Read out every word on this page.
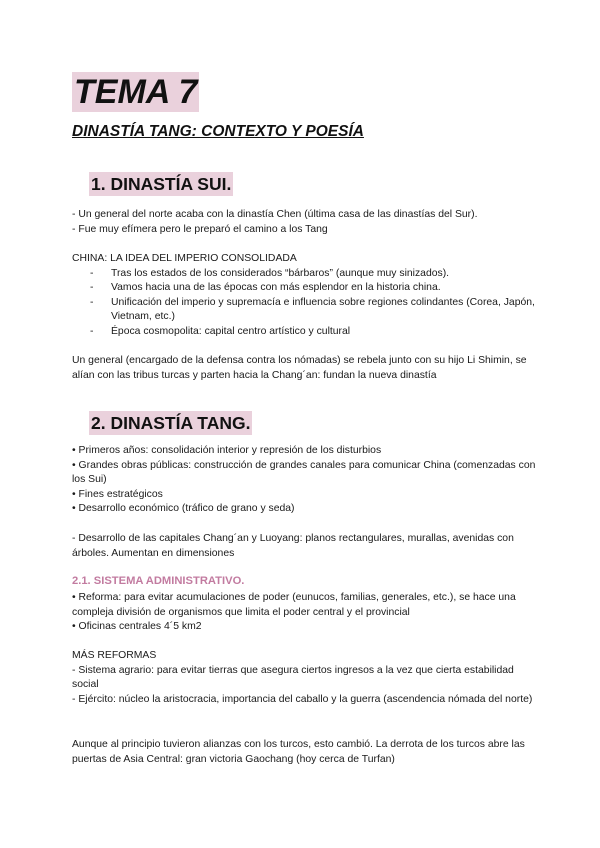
TEMA 7

DINASTÍA TANG: CONTEXTO Y POESÍA

1. DINASTÍA SUI.

- Un general del norte acaba con la dinastía Chen (última casa de las dinastías del Sur).

- Fue muy efímera pero le preparó el camino a los Tang

CHINA: LA IDEA DEL IMPERIO CONSOLIDADA

- Tras los estados de los considerados “bárbaros” (aunque muy sinizados).
- Vamos hacia una de las épocas con más esplendor en la historia china.
- Unificación del imperio y supremacía e influencia sobre regiones colindantes (Corea, Japón, Vietnam, etc.)
- Época cosmopolita: capital centro artístico y cultural

Un general (encargado de la defensa contra los nómadas) se rebela junto con su hijo Li Shimin, se alían con las tribus turcas y parten hacia la Chang´an: fundan la nueva dinastía

2. DINASTÍA TANG.

• Primeros años: consolidación interior y represión de los disturbios

• Grandes obras públicas: construcción de grandes canales para comunicar China (comenzadas con los Sui)

• Fines estratégicos

• Desarrollo económico (tráfico de grano y seda)

- Desarrollo de las capitales Chang´an y Luoyang: planos rectangulares, murallas, avenidas con árboles. Aumentan en dimensiones

2.1. SISTEMA ADMINISTRATIVO.

• Reforma: para evitar acumulaciones de poder (eunucos, familias, generales, etc.), se hace una compleja división de organismos que limita el poder central y el provincial

• Oficinas centrales 4´5 km2

MÁS REFORMAS

- Sistema agrario: para evitar tierras que asegura ciertos ingresos a la vez que cierta estabilidad social

- Ejército: núcleo la aristocracia, importancia del caballo y la guerra (ascendencia nómada del norte)

Aunque al principio tuvieron alianzas con los turcos, esto cambió. La derrota de los turcos abre las puertas de Asia Central: gran victoria Gaochang (hoy cerca de Turfan)
